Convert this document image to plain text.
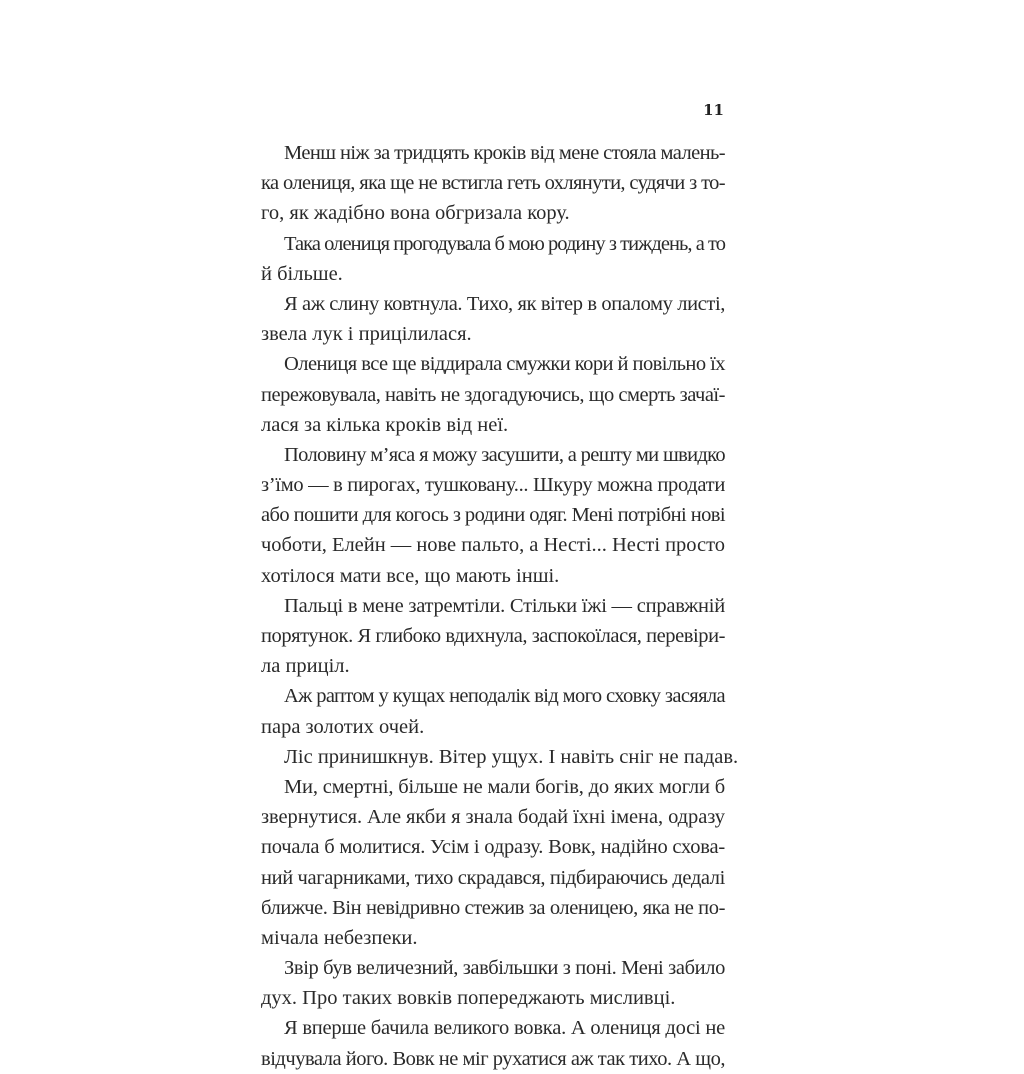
11
Менш ніж за тридцять кроків від мене стояла малень-
ка олениця, яка ще не встигла геть охлянути, судячи з то-
го, як жадібно вона обгризала кору.
Така олениця прогодувала б мою родину з тиждень, а то
й більше.
Я аж слину ковтнула. Тихо, як вітер в опалому листі,
звела лук і прицілилася.
Олениця все ще віддирала смужки кори й повільно їх
пережовувала, навіть не здогадуючись, що смерть зачаї-
лася за кілька кроків від неї.
Половину м’яса я можу засушити, а решту ми швидко
з’їмо — в пирогах, тушковану... Шкуру можна продати
або пошити для когось з родини одяг. Мені потрібні нові
чоботи, Елейн — нове пальто, а Несті... Несті просто
хотілося мати все, що мають інші.
Пальці в мене затремтіли. Стільки їжі — справжній
порятунок. Я глибоко вдихнула, заспокоїлася, перевіри-
ла приціл.
Аж раптом у кущах неподалік від мого сховку засяяла
пара золотих очей.
Ліс принишкнув. Вітер ущух. І навіть сніг не падав.
Ми, смертні, більше не мали богів, до яких могли б
звернутися. Але якби я знала бодай їхні імена, одразу
почала б молитися. Усім і одразу. Вовк, надійно схова-
ний чагарниками, тихо скрадався, підбираючись дедалі
ближче. Він невідривно стежив за оленицею, яка не по-
мічала небезпеки.
Звір був величезний, завбільшки з поні. Мені забило
дух. Про таких вовків попереджають мисливці.
Я вперше бачила великого вовка. А олениця досі не
відчувала його. Вовк не міг рухатися аж так тихо. А що,
